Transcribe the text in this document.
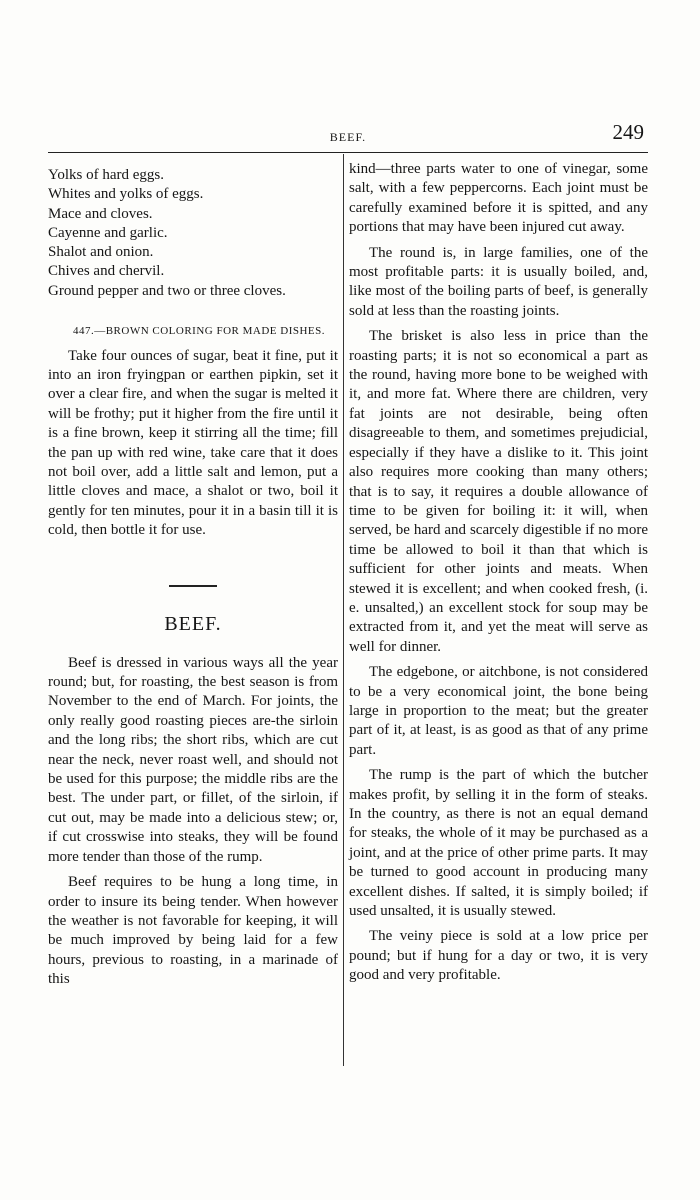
BEEF.	249
Yolks of hard eggs.
Whites and yolks of eggs.
Mace and cloves.
Cayenne and garlic.
Shalot and onion.
Chives and chervil.
Ground pepper and two or three cloves.
447.—BROWN COLORING FOR MADE DISHES.

Take four ounces of sugar, beat it fine, put it into an iron fryingpan or earthen pipkin, set it over a clear fire, and when the sugar is melted it will be frothy; put it higher from the fire until it is a fine brown, keep it stirring all the time; fill the pan up with red wine, take care that it does not boil over, add a little salt and lemon, put a little cloves and mace, a shalot or two, boil it gently for ten minutes, pour it in a basin till it is cold, then bottle it for use.

BEEF.

Beef is dressed in various ways all the year round; but, for roasting, the best season is from November to the end of March. For joints, the only really good roasting pieces are-the sirloin and the long ribs; the short ribs, which are cut near the neck, never roast well, and should not be used for this purpose; the middle ribs are the best. The under part, or fillet, of the sirloin, if cut out, may be made into a delicious stew; or, if cut crosswise into steaks, they will be found more tender than those of the rump.

Beef requires to be hung a long time, in order to insure its being tender. When however the weather is not favorable for keeping, it will be much improved by being laid for a few hours, previous to roasting, in a marinade of this

kind—three parts water to one of vinegar, some salt, with a few peppercorns. Each joint must be carefully examined before it is spitted, and any portions that may have been injured cut away.

The round is, in large families, one of the most profitable parts: it is usually boiled, and, like most of the boiling parts of beef, is generally sold at less than the roasting joints.

The brisket is also less in price than the roasting parts; it is not so economical a part as the round, having more bone to be weighed with it, and more fat. Where there are children, very fat joints are not desirable, being often disagreeable to them, and sometimes prejudicial, especially if they have a dislike to it. This joint also requires more cooking than many others; that is to say, it requires a double allowance of time to be given for boiling it: it will, when served, be hard and scarcely digestible if no more time be allowed to boil it than that which is sufficient for other joints and meats. When stewed it is excellent; and when cooked fresh, (i. e. unsalted,) an excellent stock for soup may be extracted from it, and yet the meat will serve as well for dinner.

The edgebone, or aitchbone, is not considered to be a very economical joint, the bone being large in proportion to the meat; but the greater part of it, at least, is as good as that of any prime part.

The rump is the part of which the butcher makes profit, by selling it in the form of steaks. In the country, as there is not an equal demand for steaks, the whole of it may be purchased as a joint, and at the price of other prime parts. It may be turned to good account in producing many excellent dishes. If salted, it is simply boiled; if used unsalted, it is usually stewed.

The veiny piece is sold at a low price per pound; but if hung for a day or two, it is very good and very profitable.
